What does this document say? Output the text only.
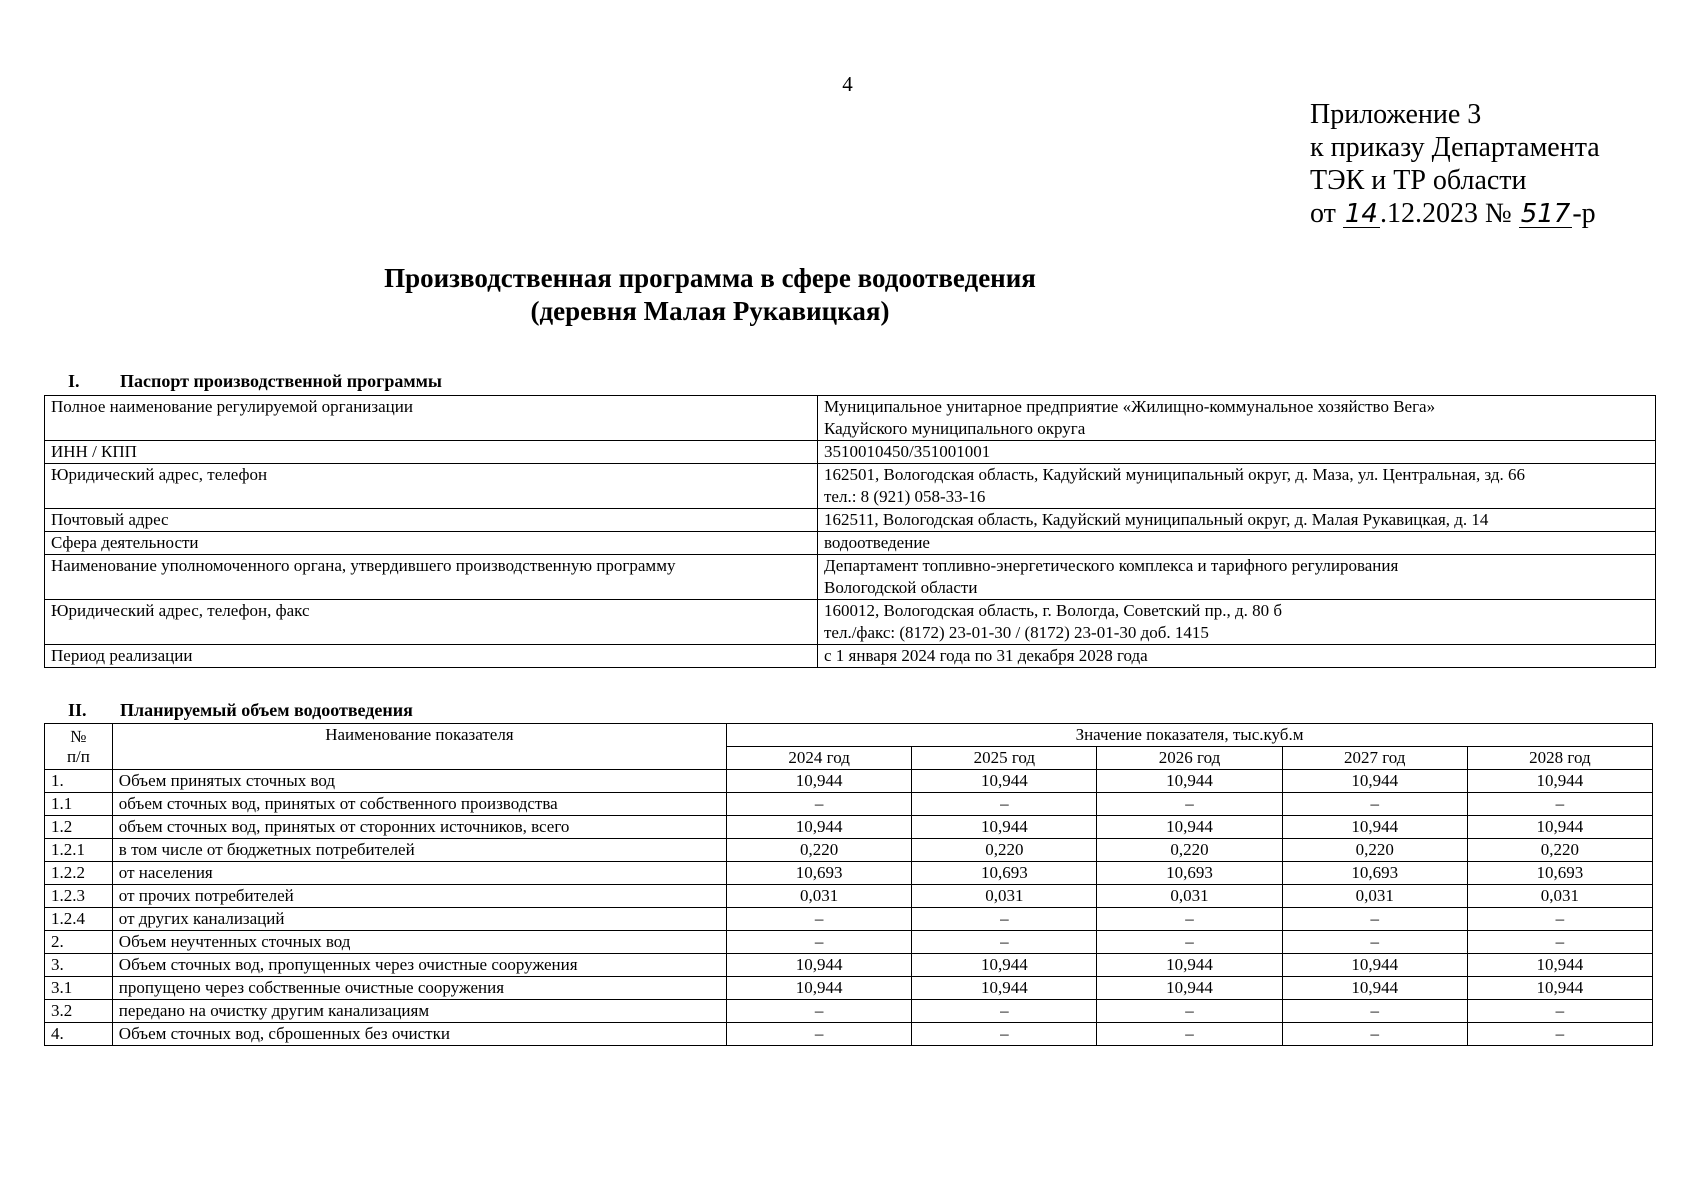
4
Приложение 3
к приказу Департамента
ТЭК и ТР области
от 14.12.2023 № 517-р
Производственная программа в сфере водоотведения
(деревня Малая Рукавицкая)
I. Паспорт производственной программы
Полное наименование регулируемой организации	Муниципальное унитарное предприятие «Жилищно-коммунальное хозяйство Вега»
Кадуйского муниципального округа

ИНН / КПП	3510010450/351001001

Юридический адрес, телефон	162501, Вологодская область, Кадуйский муниципальный округ, д. Маза, ул. Центральная, зд. 66
тел.: 8 (921) 058-33-16

Почтовый адрес	162511, Вологодская область, Кадуйский муниципальный округ, д. Малая Рукавицкая, д. 14

Сфера деятельности	водоотведение

Наименование уполномоченного органа, утвердившего производственную программу	Департамент топливно-энергетического комплекса и тарифного регулирования
Вологодской области

Юридический адрес, телефон, факс	160012, Вологодская область, г. Вологда, Советский пр., д. 80 б
тел./факс: (8172) 23-01-30 / (8172) 23-01-30 доб. 1415

Период реализации	с 1 января 2024 года по 31 декабря 2028 года
II. Планируемый объем водоотведения
№
п/п	Наименование показателя	Значение показателя, тыс.куб.м				
		2024 год	2025 год	2026 год	2027 год	2028 год
1.	Объем принятых сточных вод	10,944	10,944	10,944	10,944	10,944
1.1	объем сточных вод, принятых от собственного производства	–	–	–	–	–
1.2	объем сточных вод, принятых от сторонних источников, всего	10,944	10,944	10,944	10,944	10,944
1.2.1	в том числе от бюджетных потребителей	0,220	0,220	0,220	0,220	0,220
1.2.2	от населения	10,693	10,693	10,693	10,693	10,693
1.2.3	от прочих потребителей	0,031	0,031	0,031	0,031	0,031
1.2.4	от других канализаций	–	–	–	–	–
2.	Объем неучтенных сточных вод	–	–	–	–	–
3.	Объем сточных вод, пропущенных через очистные сооружения	10,944	10,944	10,944	10,944	10,944
3.1	пропущено через собственные очистные сооружения	10,944	10,944	10,944	10,944	10,944
3.2	передано на очистку другим канализациям	–	–	–	–	–
4.	Объем сточных вод, сброшенных без очистки	–	–	–	–	–
